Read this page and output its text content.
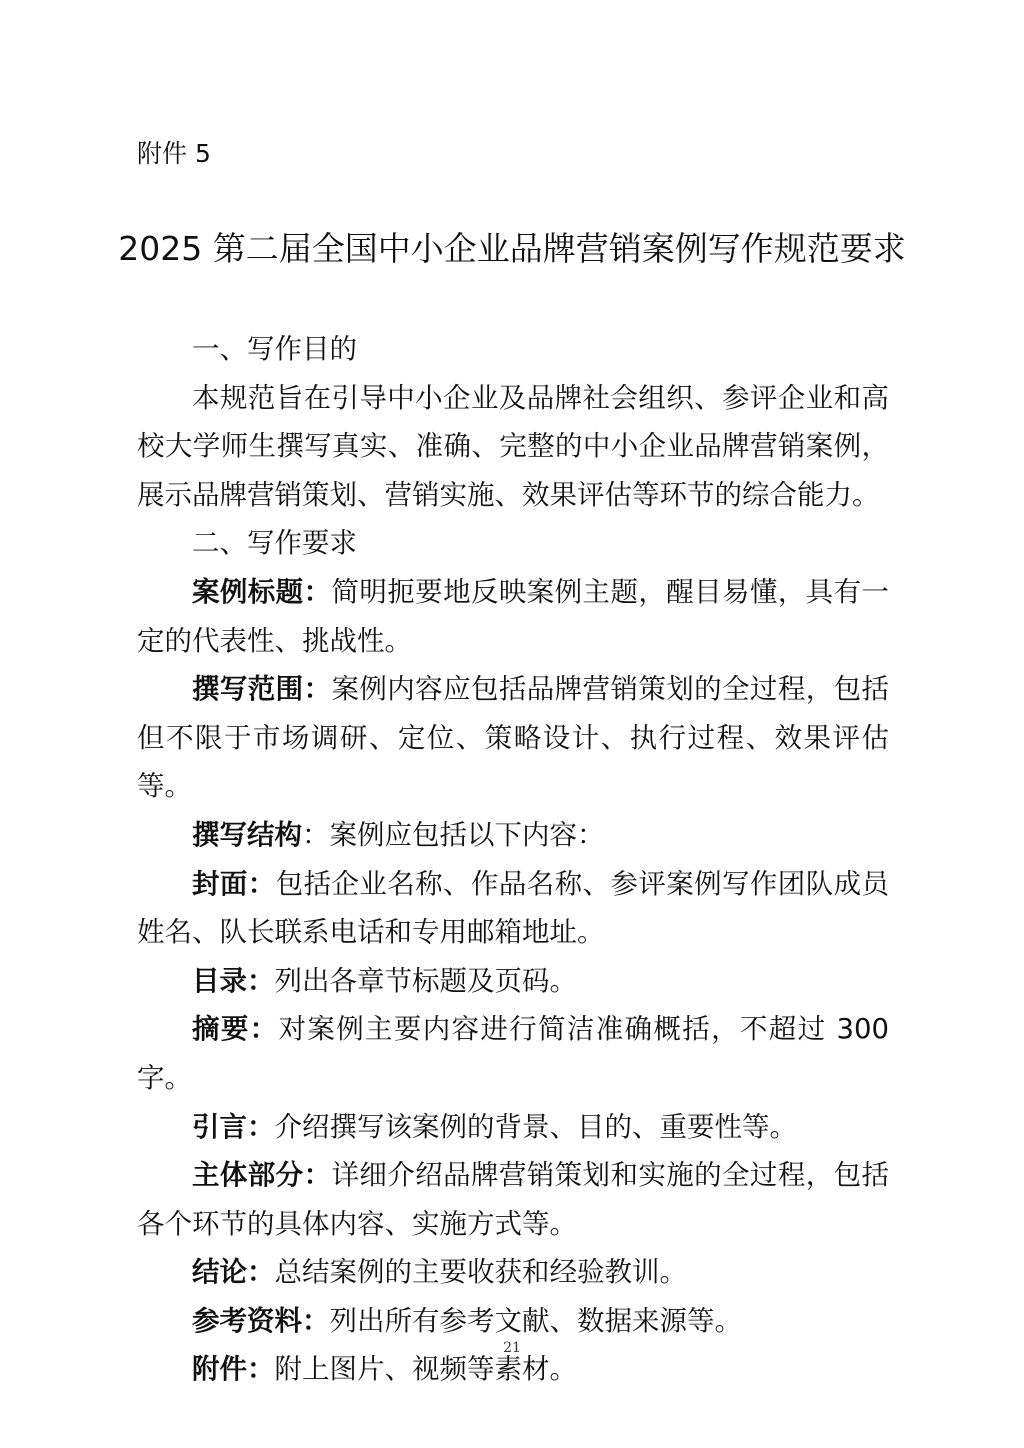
附件 5
2025 第二届全国中小企业品牌营销案例写作规范要求

一、写作目的

本规范旨在引导中小企业及品牌社会组织、参评企业和高校大学师生撰写真实、准确、完整的中小企业品牌营销案例，展示品牌营销策划、营销实施、效果评估等环节的综合能力。

二、写作要求

案例标题：简明扼要地反映案例主题，醒目易懂，具有一定的代表性、挑战性。

撰写范围：案例内容应包括品牌营销策划的全过程，包括但不限于市场调研、定位、策略设计、执行过程、效果评估等。

撰写结构：案例应包括以下内容：

封面：包括企业名称、作品名称、参评案例写作团队成员姓名、队长联系电话和专用邮箱地址。

目录：列出各章节标题及页码。

摘要：对案例主要内容进行简洁准确概括，不超过 300 字。

引言：介绍撰写该案例的背景、目的、重要性等。

主体部分：详细介绍品牌营销策划和实施的全过程，包括各个环节的具体内容、实施方式等。

结论：总结案例的主要收获和经验教训。

参考资料：列出所有参考文献、数据来源等。

附件：附上图片、视频等素材。

21
